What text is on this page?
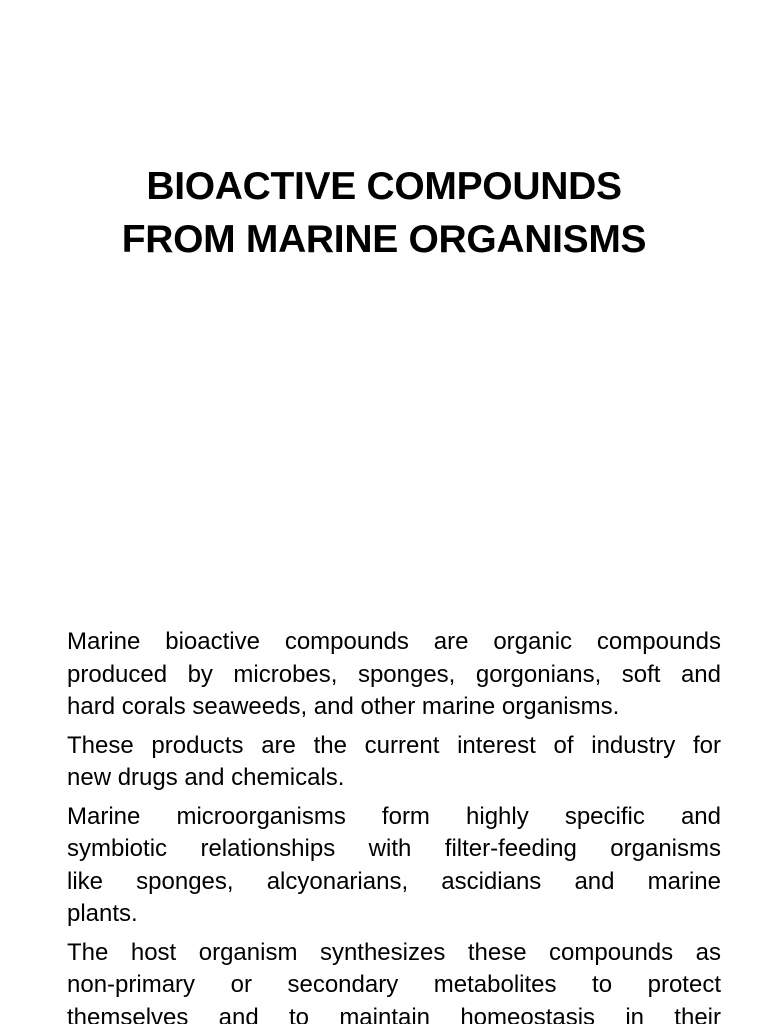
BIOACTIVE COMPOUNDS
FROM MARINE ORGANISMS

Marine bioactive compounds are organic compounds
produced by microbes, sponges, gorgonians, soft and
hard corals seaweeds, and other marine organisms.

These products are the current interest of industry for
new drugs and chemicals.

Marine microorganisms form highly specific and
symbiotic relationships with filter-feeding organisms
like sponges, alcyonarians, ascidians and marine
plants.

The host organism synthesizes these compounds as
non-primary or secondary metabolites to protect
themselves and to maintain homeostasis in their
